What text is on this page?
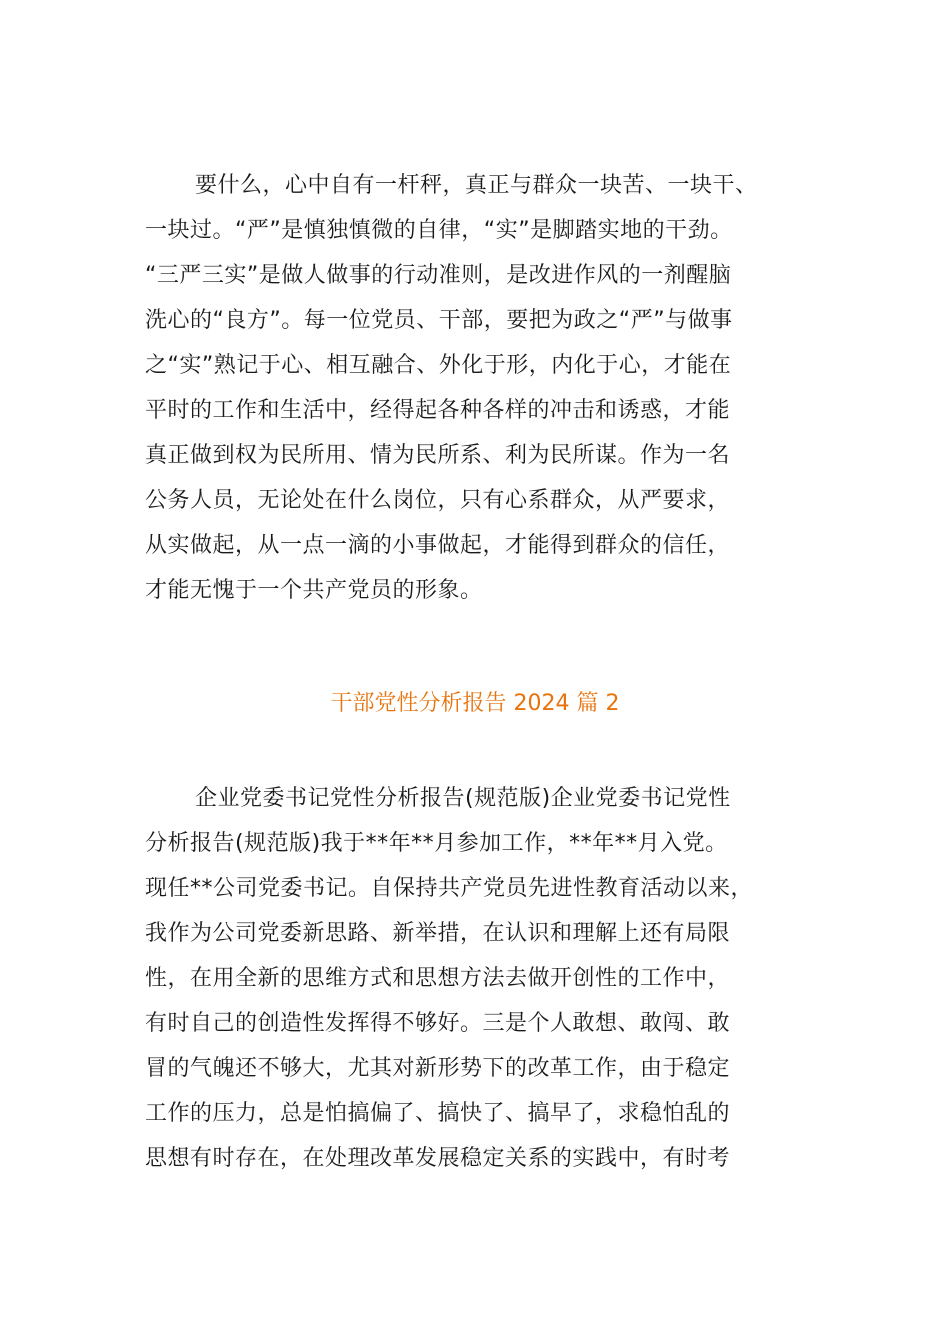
要什么，心中自有一杆秤，真正与群众一块苦、一块干、
一块过。“严”是慎独慎微的自律，“实”是脚踏实地的干劲。
“三严三实”是做人做事的行动准则，是改进作风的一剂醒脑
洗心的“良方”。每一位党员、干部，要把为政之“严”与做事
之“实”熟记于心、相互融合、外化于形，内化于心，才能在
平时的工作和生活中，经得起各种各样的冲击和诱惑，才能
真正做到权为民所用、情为民所系、利为民所谋。作为一名
公务人员，无论处在什么岗位，只有心系群众，从严要求，
从实做起，从一点一滴的小事做起，才能得到群众的信任，
才能无愧于一个共产党员的形象。
干部党性分析报告 2024 篇 2
企业党委书记党性分析报告(规范版)企业党委书记党性
分析报告(规范版)我于**年**月参加工作，**年**月入党。
现任**公司党委书记。自保持共产党员先进性教育活动以来，
我作为公司党委新思路、新举措，在认识和理解上还有局限
性，在用全新的思维方式和思想方法去做开创性的工作中，
有时自己的创造性发挥得不够好。三是个人敢想、敢闯、敢
冒的气魄还不够大，尤其对新形势下的改革工作，由于稳定
工作的压力，总是怕搞偏了、搞快了、搞早了，求稳怕乱的
思想有时存在，在处理改革发展稳定关系的实践中，有时考
